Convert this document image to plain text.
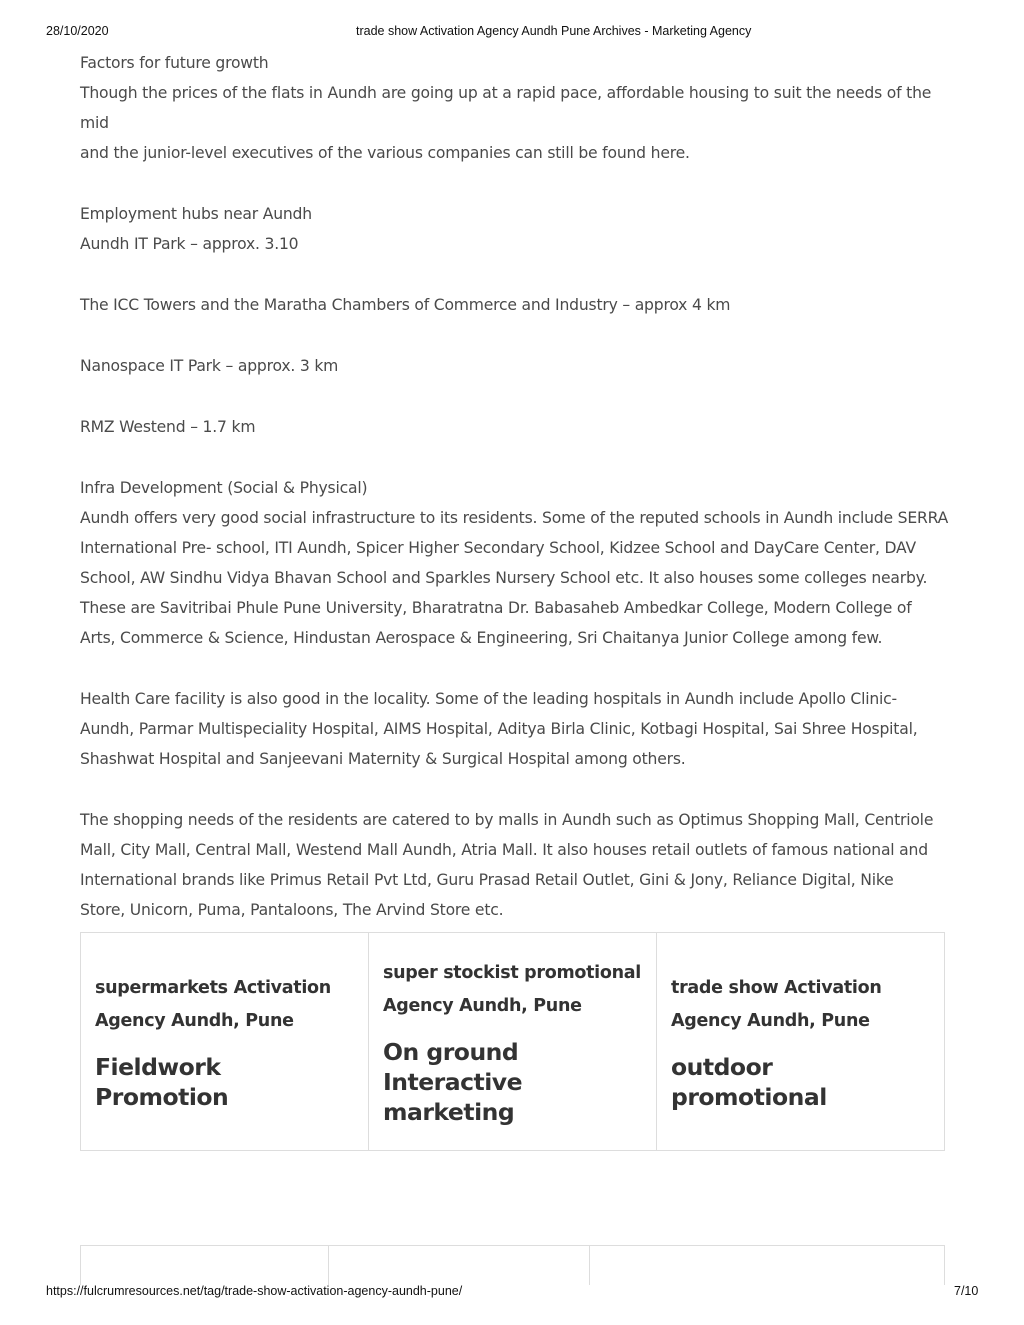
28/10/2020	trade show Activation Agency Aundh Pune Archives - Marketing Agency

Factors for future growth
Though the prices of the flats in Aundh are going up at a rapid pace, affordable housing to suit the needs of the mid
and the junior-level executives of the various companies can still be found here.

Employment hubs near Aundh
Aundh IT Park – approx. 3.10

The ICC Towers and the Maratha Chambers of Commerce and Industry – approx 4 km

Nanospace IT Park – approx. 3 km

RMZ Westend – 1.7 km

Infra Development (Social & Physical)
Aundh offers very good social infrastructure to its residents. Some of the reputed schools in Aundh include SERRA
International Pre- school, ITI Aundh, Spicer Higher Secondary School, Kidzee School and DayCare Center, DAV
School, AW Sindhu Vidya Bhavan School and Sparkles Nursery School etc. It also houses some colleges nearby.
These are Savitribai Phule Pune University, Bharatratna Dr. Babasaheb Ambedkar College, Modern College of
Arts, Commerce & Science, Hindustan Aerospace & Engineering, Sri Chaitanya Junior College among few.

Health Care facility is also good in the locality. Some of the leading hospitals in Aundh include Apollo Clinic-
Aundh, Parmar Multispeciality Hospital, AIMS Hospital, Aditya Birla Clinic, Kotbagi Hospital, Sai Shree Hospital,
Shashwat Hospital and Sanjeevani Maternity & Surgical Hospital among others.

The shopping needs of the residents are catered to by malls in Aundh such as Optimus Shopping Mall, Centriole
Mall, City Mall, Central Mall, Westend Mall Aundh, Atria Mall. It also houses retail outlets of famous national and
International brands like Primus Retail Pvt Ltd, Guru Prasad Retail Outlet, Gini & Jony, Reliance Digital, Nike
Store, Unicorn, Puma, Pantaloons, The Arvind Store etc.

supermarkets Activation
Agency Aundh, Pune
Fieldwork Promotion
super stockist promotional
Agency Aundh, Pune
On ground Interactive
marketing
trade show Activation
Agency Aundh, Pune
outdoor promotional
https://fulcrumresources.net/tag/trade-show-activation-agency-aundh-pune/	7/10
